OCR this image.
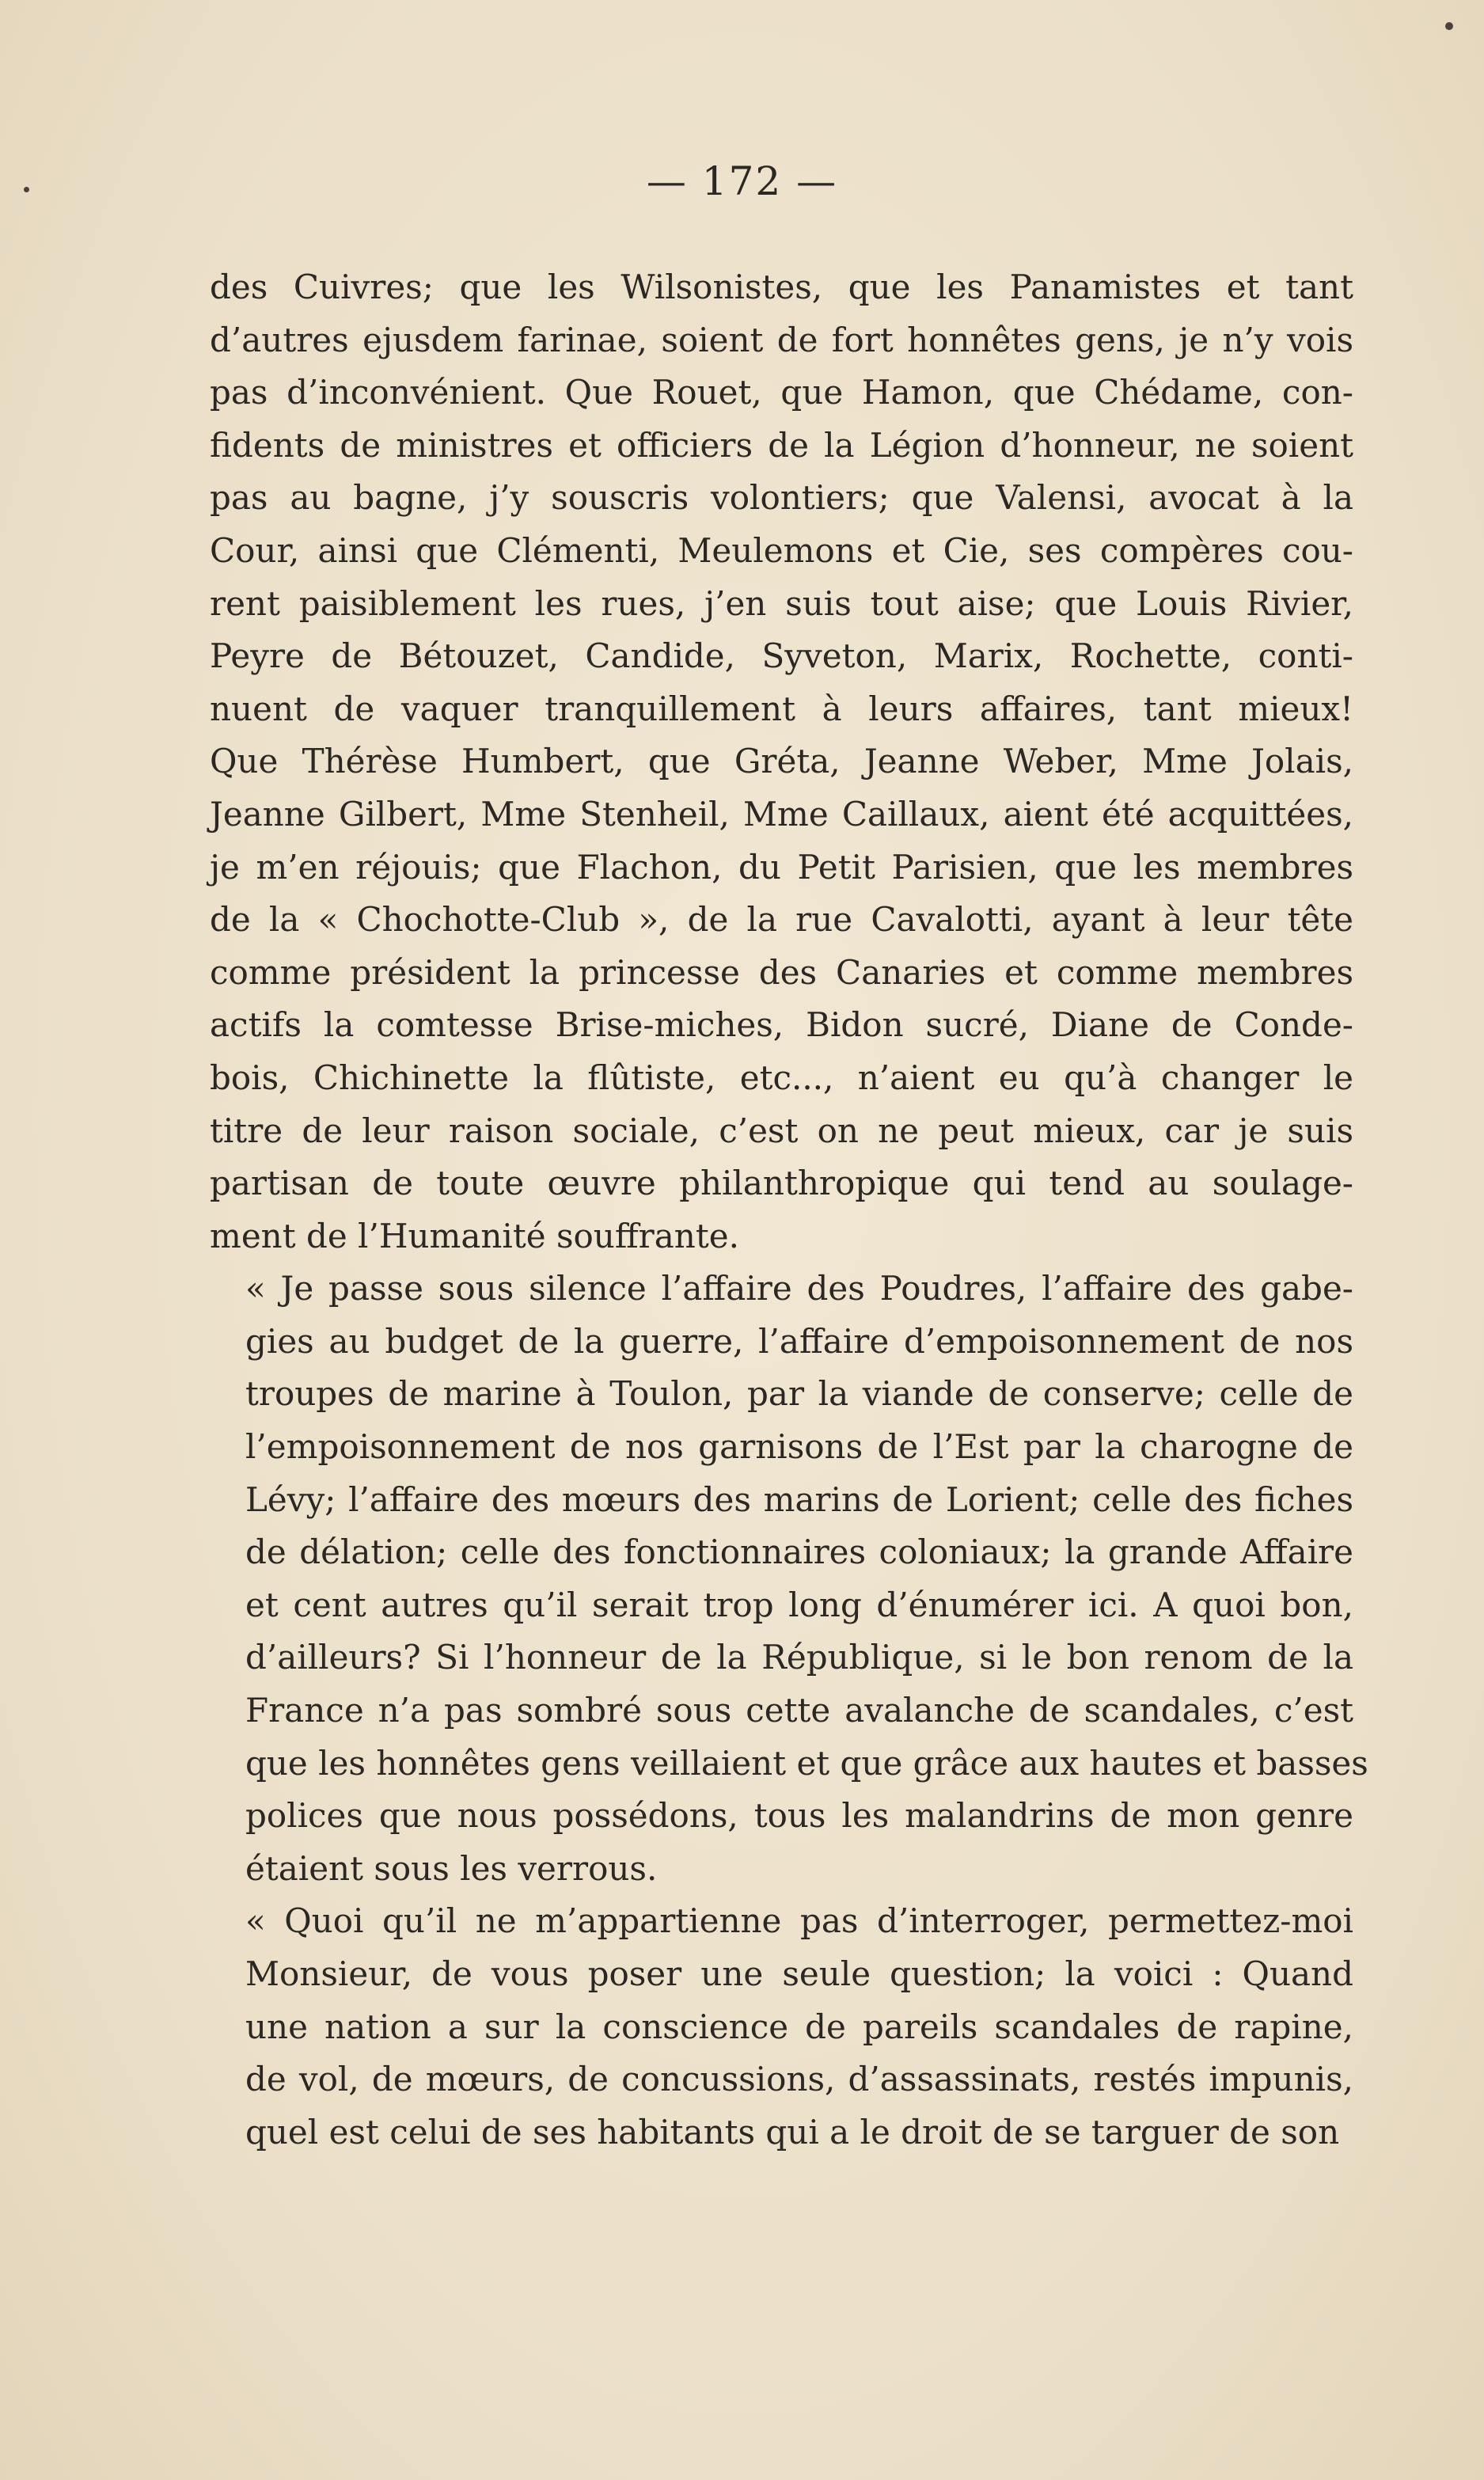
— 172 —

des Cuivres; que les Wilsonistes, que les Panamistes et tant
d’autres ejusdem farinae, soient de fort honnêtes gens, je n’y vois
pas d’inconvénient. Que Rouet, que Hamon, que Chédame, con-
fidents de ministres et officiers de la Légion d’honneur, ne soient
pas au bagne, j’y souscris volontiers; que Valensi, avocat à la
Cour, ainsi que Clémenti, Meulemons et Cie, ses compères cou-
rent paisiblement les rues, j’en suis tout aise; que Louis Rivier,
Peyre de Bétouzet, Candide, Syveton, Marix, Rochette, conti-
nuent de vaquer tranquillement à leurs affaires, tant mieux!
Que Thérèse Humbert, que Gréta, Jeanne Weber, Mme Jolais,
Jeanne Gilbert, Mme Stenheil, Mme Caillaux, aient été acquittées,
je m’en réjouis; que Flachon, du Petit Parisien, que les membres
de la « Chochotte-Club », de la rue Cavalotti, ayant à leur tête
comme président la princesse des Canaries et comme membres
actifs la comtesse Brise-miches, Bidon sucré, Diane de Conde-
bois, Chichinette la flûtiste, etc..., n’aient eu qu’à changer le
titre de leur raison sociale, c’est on ne peut mieux, car je suis
partisan de toute œuvre philanthropique qui tend au soulage-
ment de l’Humanité souffrante.

« Je passe sous silence l’affaire des Poudres, l’affaire des gabe-
gies au budget de la guerre, l’affaire d’empoisonnement de nos
troupes de marine à Toulon, par la viande de conserve; celle de
l’empoisonnement de nos garnisons de l’Est par la charogne de
Lévy; l’affaire des mœurs des marins de Lorient; celle des fiches
de délation; celle des fonctionnaires coloniaux; la grande Affaire
et cent autres qu’il serait trop long d’énumérer ici. A quoi bon,
d’ailleurs? Si l’honneur de la République, si le bon renom de la
France n’a pas sombré sous cette avalanche de scandales, c’est
que les honnêtes gens veillaient et que grâce aux hautes et basses
polices que nous possédons, tous les malandrins de mon genre
étaient sous les verrous.

« Quoi qu’il ne m’appartienne pas d’interroger, permettez-moi
Monsieur, de vous poser une seule question; la voici : Quand
une nation a sur la conscience de pareils scandales de rapine,
de vol, de mœurs, de concussions, d’assassinats, restés impunis,
quel est celui de ses habitants qui a le droit de se targuer de son
